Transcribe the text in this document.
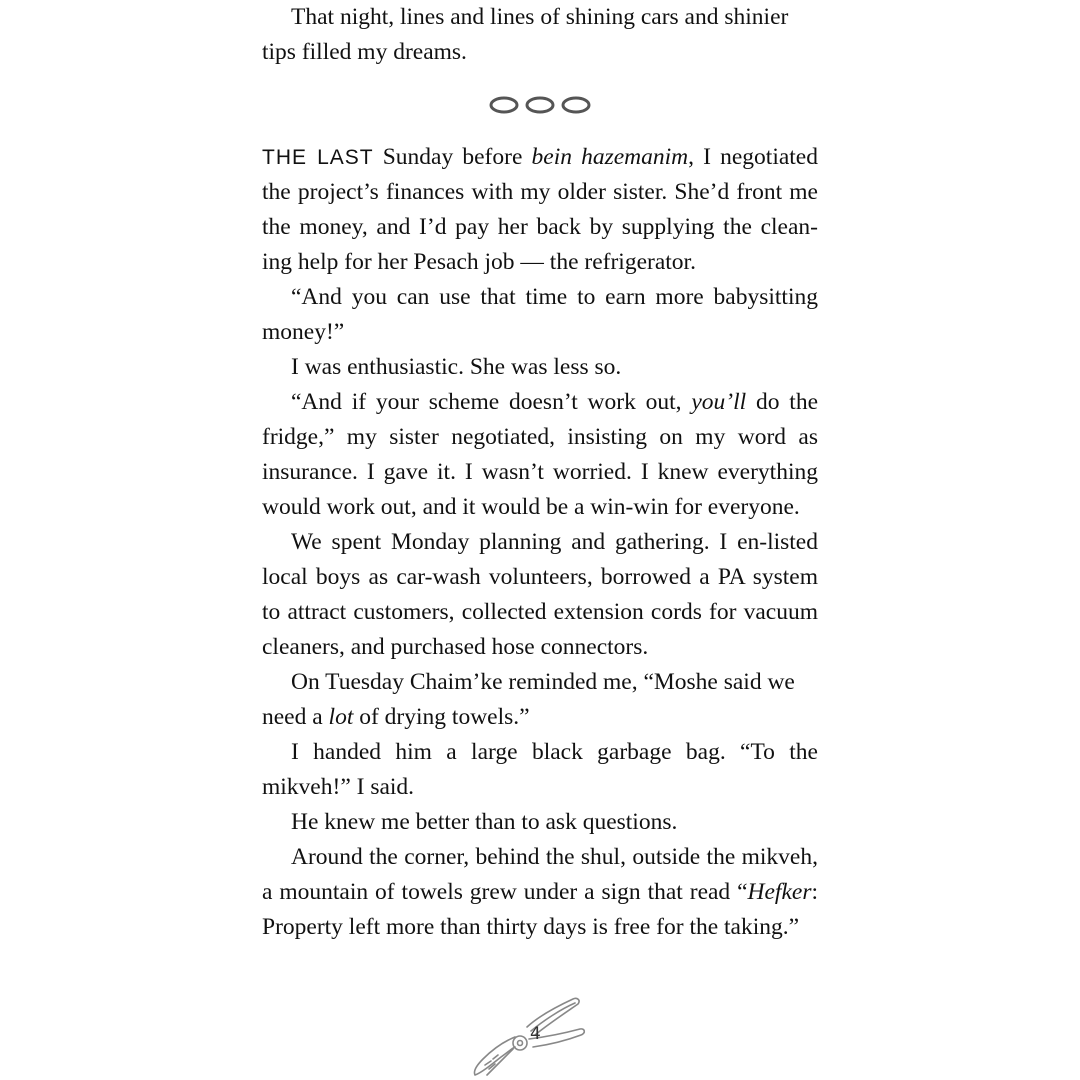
That night, lines and lines of shining cars and shinier

tips filled my dreams.

THE LAST Sunday before bein hazemanim, I negotiated the project’s finances with my older sister. She’d front me the money, and I’d pay her back by supplying the clean-ing help for her Pesach job — the refrigerator.

“And you can use that time to earn more babysitting money!”

I was enthusiastic. She was less so.

“And if your scheme doesn’t work out, you’ll do the fridge,” my sister negotiated, insisting on my word as insurance. I gave it. I wasn’t worried. I knew everything would work out, and it would be a win-win for everyone.

We spent Monday planning and gathering. I en-listed local boys as car-wash volunteers, borrowed a PA system to attract customers, collected extension cords for vacuum cleaners, and purchased hose connectors.

On Tuesday Chaim’ke reminded me, “Moshe said we

need a lot of drying towels.”

I handed him a large black garbage bag. “To the mikveh!” I said.

He knew me better than to ask questions.

Around the corner, behind the shul, outside the mikveh, a mountain of towels grew under a sign that read “Hefker: Property left more than thirty days is free for the taking.”

4
